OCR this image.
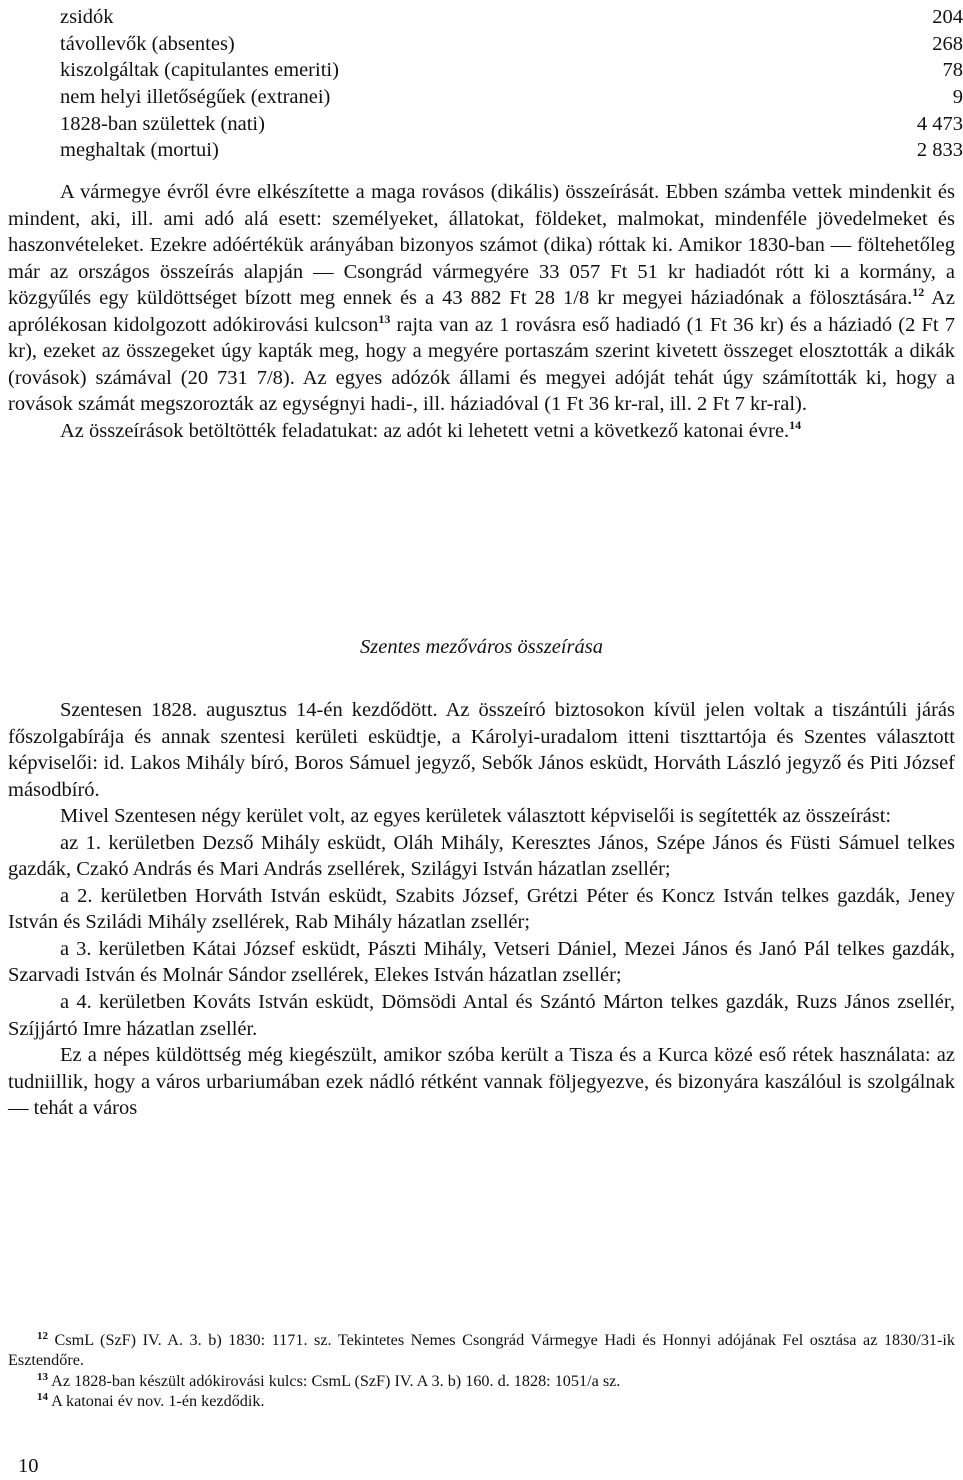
zsidók	204
távollevők (absentes)	268
kiszolgáltak (capitulantes emeriti)	78
nem helyi illetőségűek (extranei)	9
1828-ban születtek (nati)	4 473
meghaltak (mortui)	2 833
A vármegye évről évre elkészítette a maga rovásos (dikális) összeírását. Ebben számba vettek mindenkit és mindent, aki, ill. ami adó alá esett: személyeket, állatokat, földeket, malmokat, mindenféle jövedelmeket és haszonvételeket. Ezekre adóértékük arányában bizonyos számot (dika) róttak ki. Amikor 1830-ban — föltehetőleg már az országos összeírás alapján — Csongrád vármegyére 33 057 Ft 51 kr hadiadót rótt ki a kormány, a közgyűlés egy küldöttséget bízott meg ennek és a 43 882 Ft 28 1/8 kr megyei háziadónak a fölosztására.$^{12}$ Az aprólékosan kidolgozott adókirovási kulcson$^{13}$ rajta van az 1 rovásra eső hadiadó (1 Ft 36 kr) és a háziadó (2 Ft 7 kr), ezeket az összegeket úgy kapták meg, hogy a megyére portaszám szerint kivetett összeget elosztották a dikák (rovások) számával (20 731 7/8). Az egyes adózók állami és megyei adóját tehát úgy számították ki, hogy a rovások számát megszorozták az egységnyi hadi-, ill. háziadóval (1 Ft 36 kr-ral, ill. 2 Ft 7 kr-ral).
Az összeírások betöltötték feladatukat: az adót ki lehetett vetni a következő katonai évre.$^{14}$
Szentes mezőváros összeírása
Szentesen 1828. augusztus 14-én kezdődött. Az összeíró biztosokon kívül jelen voltak a tiszántúli járás főszolgabírája és annak szentesi kerületi esküdtje, a Károlyi-uradalom itteni tiszttartója és Szentes választott képviselői: id. Lakos Mihály bíró, Boros Sámuel jegyző, Sebők János esküdt, Horváth László jegyző és Piti József másodbíró.
Mivel Szentesen négy kerület volt, az egyes kerületek választott képviselői is segítették az összeírást:
az 1. kerületben Dezső Mihály esküdt, Oláh Mihály, Keresztes János, Szépe János és Füsti Sámuel telkes gazdák, Czakó András és Mari András zsellérek, Szilágyi István házatlan zsellér;
a 2. kerületben Horváth István esküdt, Szabits József, Grétzi Péter és Koncz István telkes gazdák, Jeney István és Sziládi Mihály zsellérek, Rab Mihály házatlan zsellér;
a 3. kerületben Kátai József esküdt, Pászti Mihály, Vetseri Dániel, Mezei János és Janó Pál telkes gazdák, Szarvadi István és Molnár Sándor zsellérek, Elekes István házatlan zsellér;
a 4. kerületben Kováts István esküdt, Dömsödi Antal és Szántó Márton telkes gazdák, Ruzs János zsellér, Szíjjártó Imre házatlan zsellér.
Ez a népes küldöttség még kiegészült, amikor szóba került a Tisza és a Kurca közé eső rétek használata: az tudniillik, hogy a város urbariumában ezek nádló rétként vannak följegyezve, és bizonyára kaszálóul is szolgálnak — tehát a város
$^{12}$ CsmL (SzF) IV. A. 3. b) 1830: 1171. sz. Tekintetes Nemes Csongrád Vármegye Hadi és Honnyi adójának Fel osztása az 1830/31-ik Esztendőre.
$^{13}$ Az 1828-ban készült adókirovási kulcs: CsmL (SzF) IV. A 3. b) 160. d. 1828: 1051/a sz.
$^{14}$ A katonai év nov. 1-én kezdődik.
10
